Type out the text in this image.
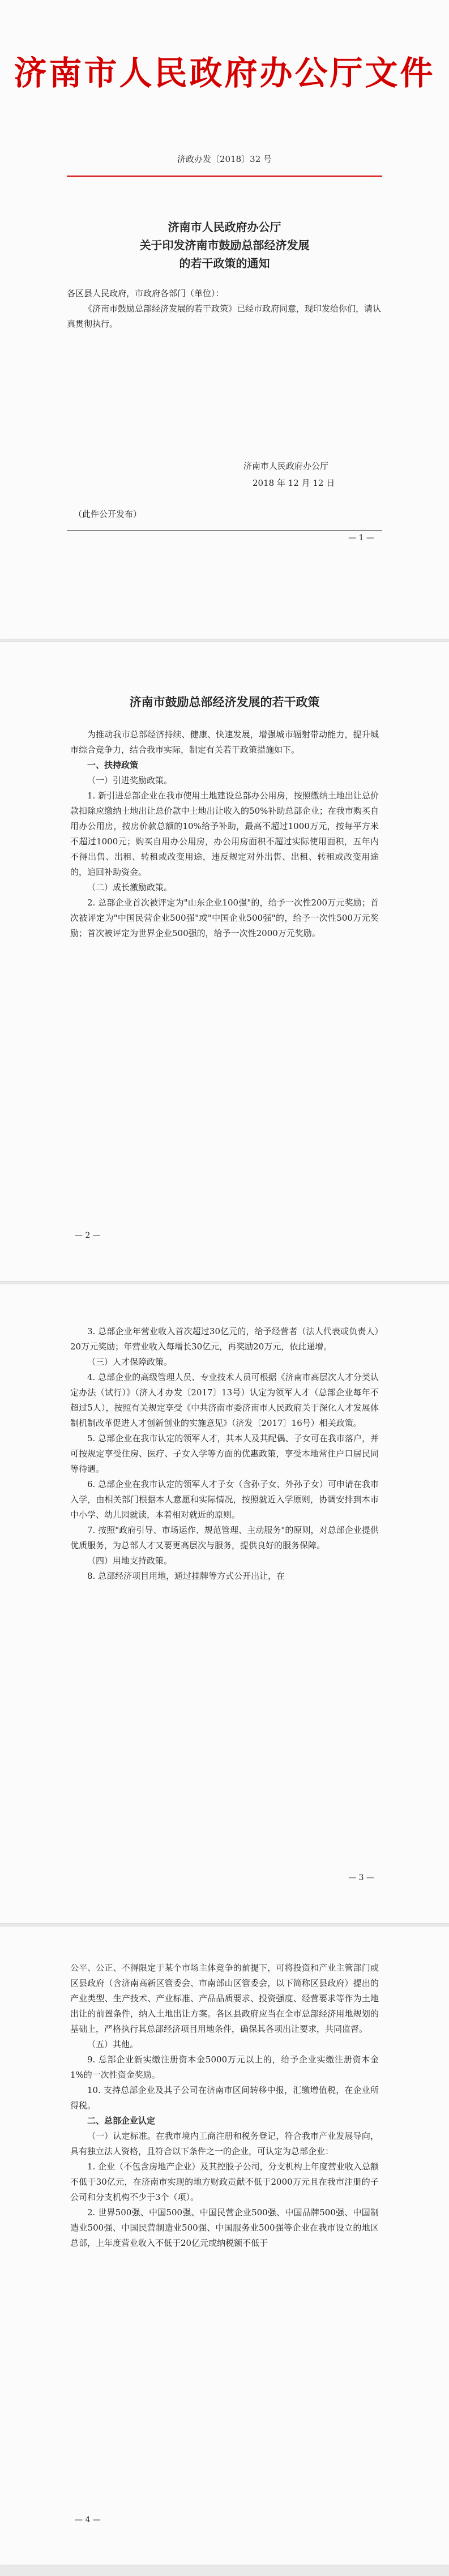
济南市人民政府办公厅文件
济政办发〔2018〕32 号
济南市人民政府办公厅
关于印发济南市鼓励总部经济发展
的若干政策的通知

各区县人民政府，市政府各部门（单位）：

《济南市鼓励总部经济发展的若干政策》已经市政府同意，现印发给你们，请认真贯彻执行。

济南市人民政府办公厅
2018 年 12 月 12 日
（此件公开发布）
— 1 —
济南市鼓励总部经济发展的若干政策

为推动我市总部经济持续、健康、快速发展，增强城市辐射带动能力，提升城市综合竞争力，结合我市实际，制定有关若干政策措施如下。

一、扶持政策

（一）引进奖励政策。

1. 新引进总部企业在我市使用土地建设总部办公用房，按照缴纳土地出让总价款扣除应缴纳土地出让总价款中土地出让收入的50%补助总部企业；在我市购买自用办公用房，按房价款总额的10%给予补助，最高不超过1000万元，按每平方米不超过1000元；购买自用办公用房，办公用房面积不超过实际使用面积，五年内不得出售、出租、转租或改变用途，违反规定对外出售、出租、转租或改变用途的，追回补助资金。

（二）成长激励政策。

2. 总部企业首次被评定为"山东企业100强"的，给予一次性200万元奖励；首次被评定为"中国民营企业500强"或"中国企业500强"的，给予一次性500万元奖励；首次被评定为世界企业500强的，给予一次性2000万元奖励。

— 2 —

3. 总部企业年营业收入首次超过30亿元的，给予经营者（法人代表或负责人）20万元奖励；年营业收入每增长30亿元，再奖励20万元，依此递增。

（三）人才保障政策。

4. 总部企业的高级管理人员、专业技术人员可根据《济南市高层次人才分类认定办法（试行）》（济人才办发〔2017〕13号）认定为领军人才（总部企业每年不超过5人），按照有关规定享受《中共济南市委济南市人民政府关于深化人才发展体制机制改革促进人才创新创业的实施意见》（济发〔2017〕16号）相关政策。

5. 总部企业在我市认定的领军人才，其本人及其配偶、子女可在我市落户，并可按规定享受住房、医疗、子女入学等方面的优惠政策，享受本地常住户口居民同等待遇。

6. 总部企业在我市认定的领军人才子女（含孙子女、外孙子女）可申请在我市入学，由相关部门根据本人意愿和实际情况，按照就近入学原则，协调安排到本市中小学、幼儿园就读，本着相对就近的原则。

7. 按照"政府引导、市场运作、规范管理、主动服务"的原则，对总部企业提供优质服务，为总部人才又要更高层次与服务，提供良好的服务保障。

（四）用地支持政策。

8. 总部经济项目用地，通过挂牌等方式公开出让，在

— 3 —

公平、公正、不得限定于某个市场主体竞争的前提下，可将投资和产业主管部门或区县政府（含济南高新区管委会、市南部山区管委会，以下简称区县政府）提出的产业类型、生产技术、产业标准、产品品质要求、投资强度、经营要求等作为土地出让的前置条件，纳入土地出让方案。各区县政府应当在全市总部经济用地规划的基础上，严格执行其总部经济项目用地条件，确保其各项出让要求，共同监督。

（五）其他。

9. 总部企业新实缴注册资本金5000万元以上的，给予企业实缴注册资本金1%的一次性资金奖励。

10. 支持总部企业及其子公司在济南市区间转移中报，汇缴增值税，在企业所得税。

二、总部企业认定

（一）认定标准。在我市境内工商注册和税务登记，符合我市产业发展导向，具有独立法人资格，且符合以下条件之一的企业，可认定为总部企业：

1. 企业（不包含房地产企业）及其控股子公司，分支机构上年度营业收入总额不低于30亿元，在济南市实现的地方财政贡献不低于2000万元且在我市注册的子公司和分支机构不少于3个（项）。

2. 世界500强、中国500强、中国民营企业500强、中国品牌500强、中国制造业500强、中国民营制造业500强、中国服务业500强等企业在我市设立的地区总部，上年度营业收入不低于20亿元或纳税额不低于

— 4 —
